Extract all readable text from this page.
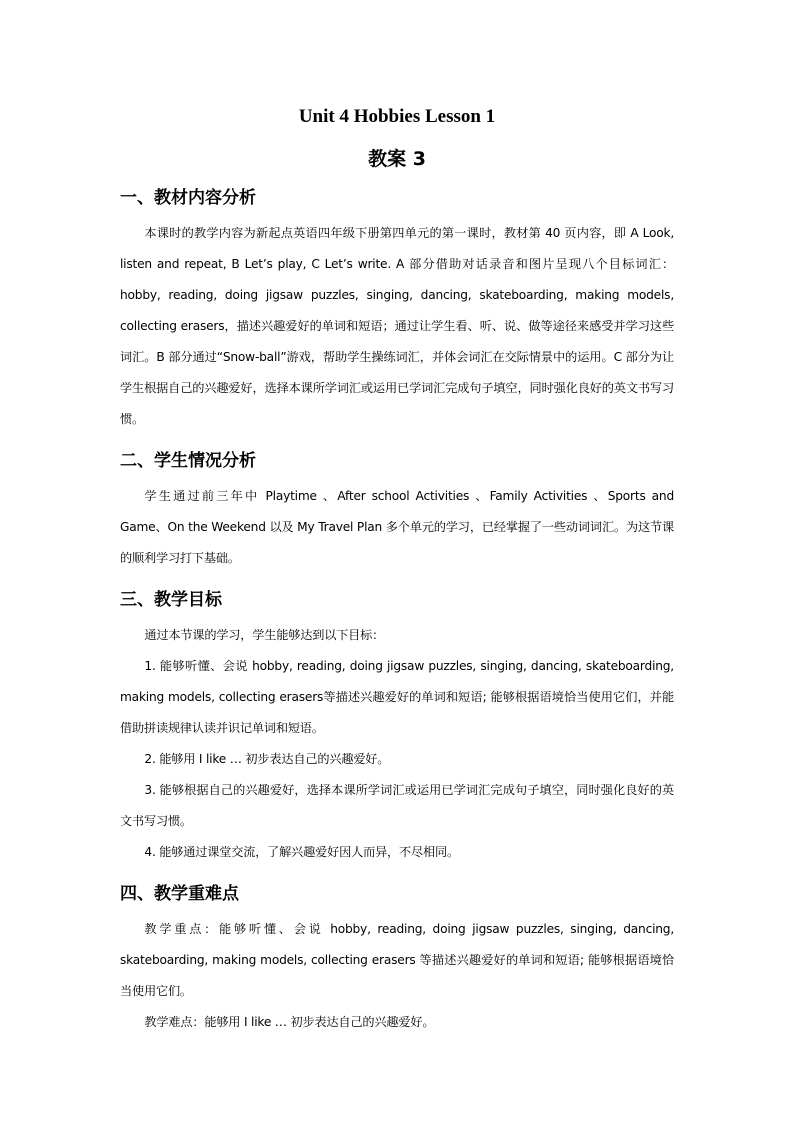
Unit 4 Hobbies Lesson 1
教案 3
一、教材内容分析

本课时的教学内容为新起点英语四年级下册第四单元的第一课时，教材第 40 页内容，即 A Look, listen and repeat, B Let’s play, C Let’s write. A 部分借助对话录音和图片呈现八个目标词汇：hobby, reading, doing jigsaw puzzles, singing, dancing, skateboarding, making models, collecting erasers，描述兴趣爱好的单词和短语；通过让学生看、听、说、做等途径来感受并学习这些词汇。B 部分通过“Snow-ball”游戏，帮助学生操练词汇，并体会词汇在交际情景中的运用。C 部分为让学生根据自己的兴趣爱好，选择本课所学词汇或运用已学词汇完成句子填空，同时强化良好的英文书写习惯。

二、学生情况分析

学生通过前三年中 Playtime 、After school Activities 、Family Activities 、Sports and Game、On the Weekend 以及 My Travel Plan 多个单元的学习，已经掌握了一些动词词汇。为这节课的顺利学习打下基础。

三、教学目标

通过本节课的学习，学生能够达到以下目标：

1. 能够听懂、会说 hobby, reading, doing jigsaw puzzles, singing, dancing, skateboarding, making models, collecting erasers等描述兴趣爱好的单词和短语; 能够根据语境恰当使用它们，并能借助拼读规律认读并识记单词和短语。

2. 能够用 I like … 初步表达自己的兴趣爱好。

3. 能够根据自己的兴趣爱好，选择本课所学词汇或运用已学词汇完成句子填空，同时强化良好的英文书写习惯。

4. 能够通过课堂交流，了解兴趣爱好因人而异，不尽相同。

四、教学重难点

教学重点：能够听懂、会说 hobby, reading, doing jigsaw puzzles, singing, dancing, skateboarding, making models, collecting erasers 等描述兴趣爱好的单词和短语; 能够根据语境恰当使用它们。

教学难点：能够用 I like … 初步表达自己的兴趣爱好。
